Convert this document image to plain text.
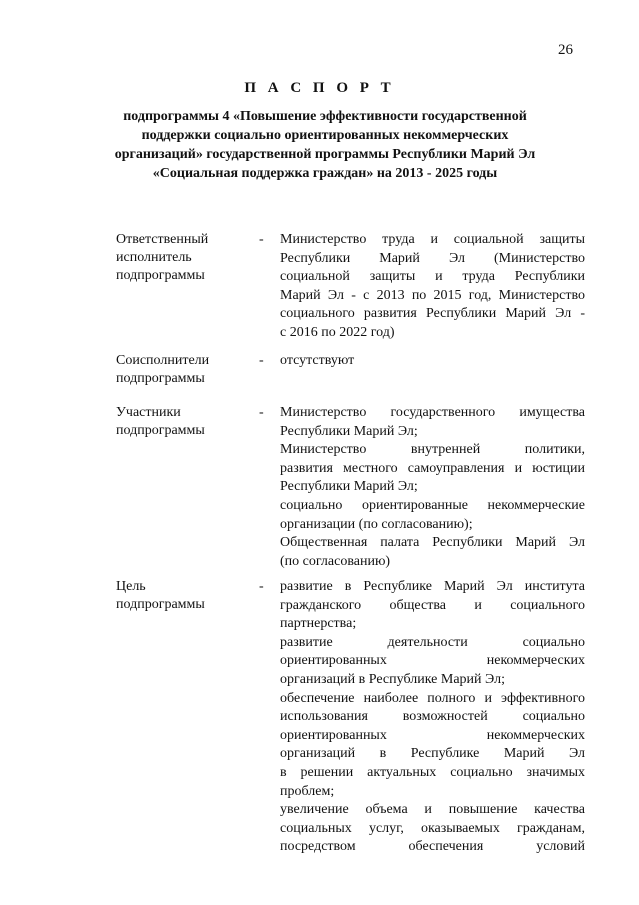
26
П А С П О Р Т
подпрограммы 4 «Повышение эффективности государственной
поддержки социально ориентированных некоммерческих
организаций» государственной программы Республики Марий Эл
«Социальная поддержка граждан» на 2013 - 2025 годы
Ответственный
исполнитель
подпрограммы
- Министерство труда и социальной защиты
Республики Марий Эл (Министерство
социальной защиты и труда Республики
Марий Эл - с 2013 по 2015 год, Министерство
социального развития Республики Марий Эл -
с 2016 по 2022 год)
Соисполнители
подпрограммы
- отсутствуют
Участники
подпрограммы
- Министерство государственного имущества
Республики Марий Эл;
Министерство внутренней политики,
развития местного самоуправления и юстиции
Республики Марий Эл;
социально ориентированные некоммерческие
организации (по согласованию);
Общественная палата Республики Марий Эл
(по согласованию)
Цель
подпрограммы
- развитие в Республике Марий Эл института
гражданского общества и социального
партнерства;
развитие деятельности социально
ориентированных некоммерческих
организаций в Республике Марий Эл;
обеспечение наиболее полного и эффективного
использования возможностей социально
ориентированных некоммерческих
организаций в Республике Марий Эл
в решении актуальных социально значимых
проблем;
увеличение объема и повышение качества
социальных услуг, оказываемых гражданам,
посредством обеспечения условий
